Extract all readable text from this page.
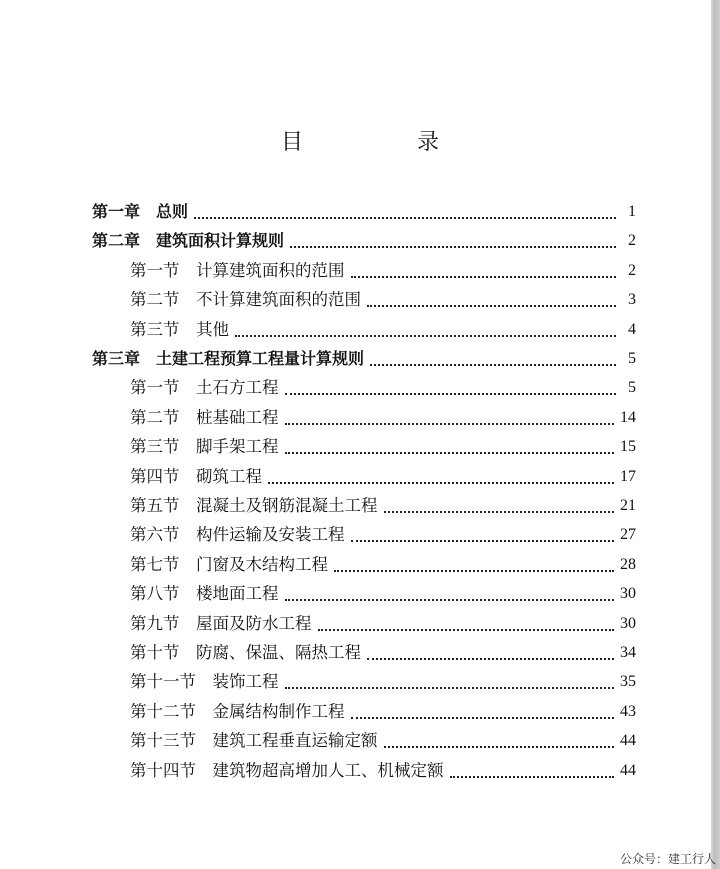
目　录
第一章　总则	1
第二章　建筑面积计算规则	2
第一节　计算建筑面积的范围	2
第二节　不计算建筑面积的范围	3
第三节　其他	4
第三章　土建工程预算工程量计算规则	5
第一节　土石方工程	5
第二节　桩基础工程	14
第三节　脚手架工程	15
第四节　砌筑工程	17
第五节　混凝土及钢筋混凝土工程	21
第六节　构件运输及安装工程	27
第七节　门窗及木结构工程	28
第八节　楼地面工程	30
第九节　屋面及防水工程	30
第十节　防腐、保温、隔热工程	34
第十一节　装饰工程	35
第十二节　金属结构制作工程	43
第十三节　建筑工程垂直运输定额	44
第十四节　建筑物超高增加人工、机械定额	44
公众号：建工行人
